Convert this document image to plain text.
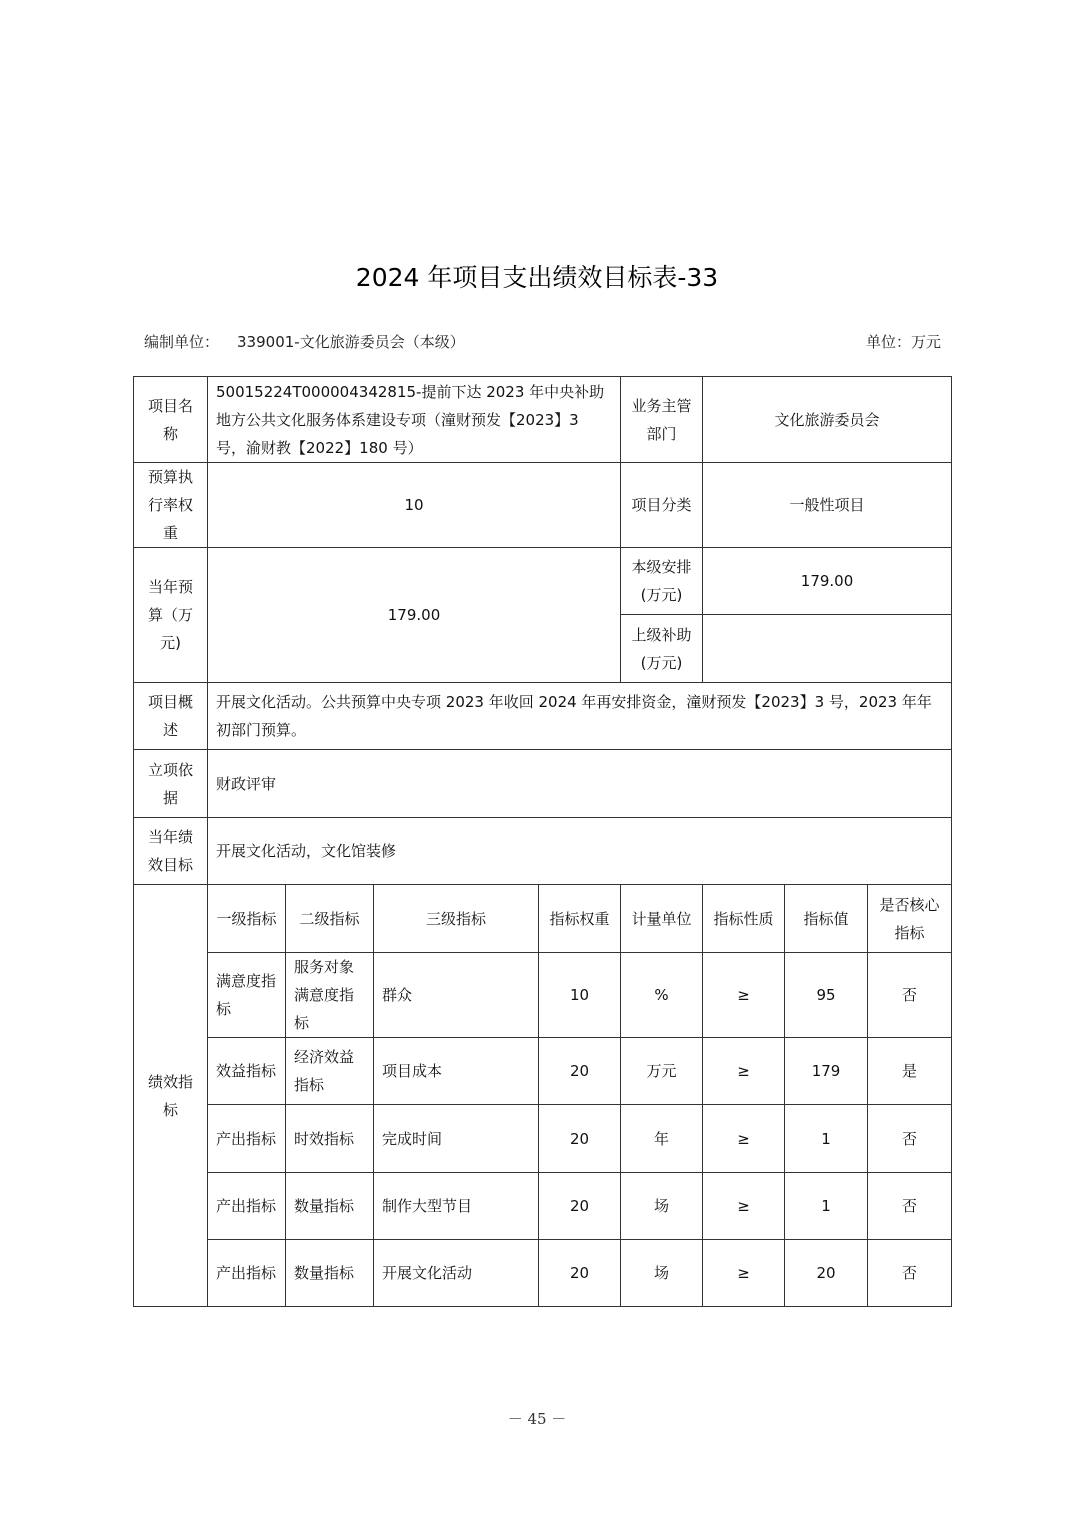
2024 年项目支出绩效目标表-33
编制单位： 339001-文化旅游委员会（本级）	单位：万元
项目名称	50015224T000004342815-提前下达 2023 年中央补助地方公共文化服务体系建设专项（潼财预发【2023】3 号，渝财教【2022】180 号）				业务主管部门	文化旅游委员会		
预算执行率权重	10				项目分类	一般性项目		
当年预算（万元)	179.00				本级安排(万元)	179.00		
					上级补助(万元)			
项目概述	开展文化活动。公共预算中央专项 2023 年收回 2024 年再安排资金，潼财预发【2023】3 号，2023 年年初部门预算。							
立项依据	财政评审							
当年绩效目标	开展文化活动，文化馆装修							
绩效指标	一级指标	二级指标	三级指标	指标权重	计量单位	指标性质	指标值	是否核心指标
	满意度指标	服务对象满意度指标	群众	10	%	≥	95	否
	效益指标	经济效益指标	项目成本	20	万元	≥	179	是
	产出指标	时效指标	完成时间	20	年	≥	1	否
	产出指标	数量指标	制作大型节目	20	场	≥	1	否
	产出指标	数量指标	开展文化活动	20	场	≥	20	否
－ 45 －
